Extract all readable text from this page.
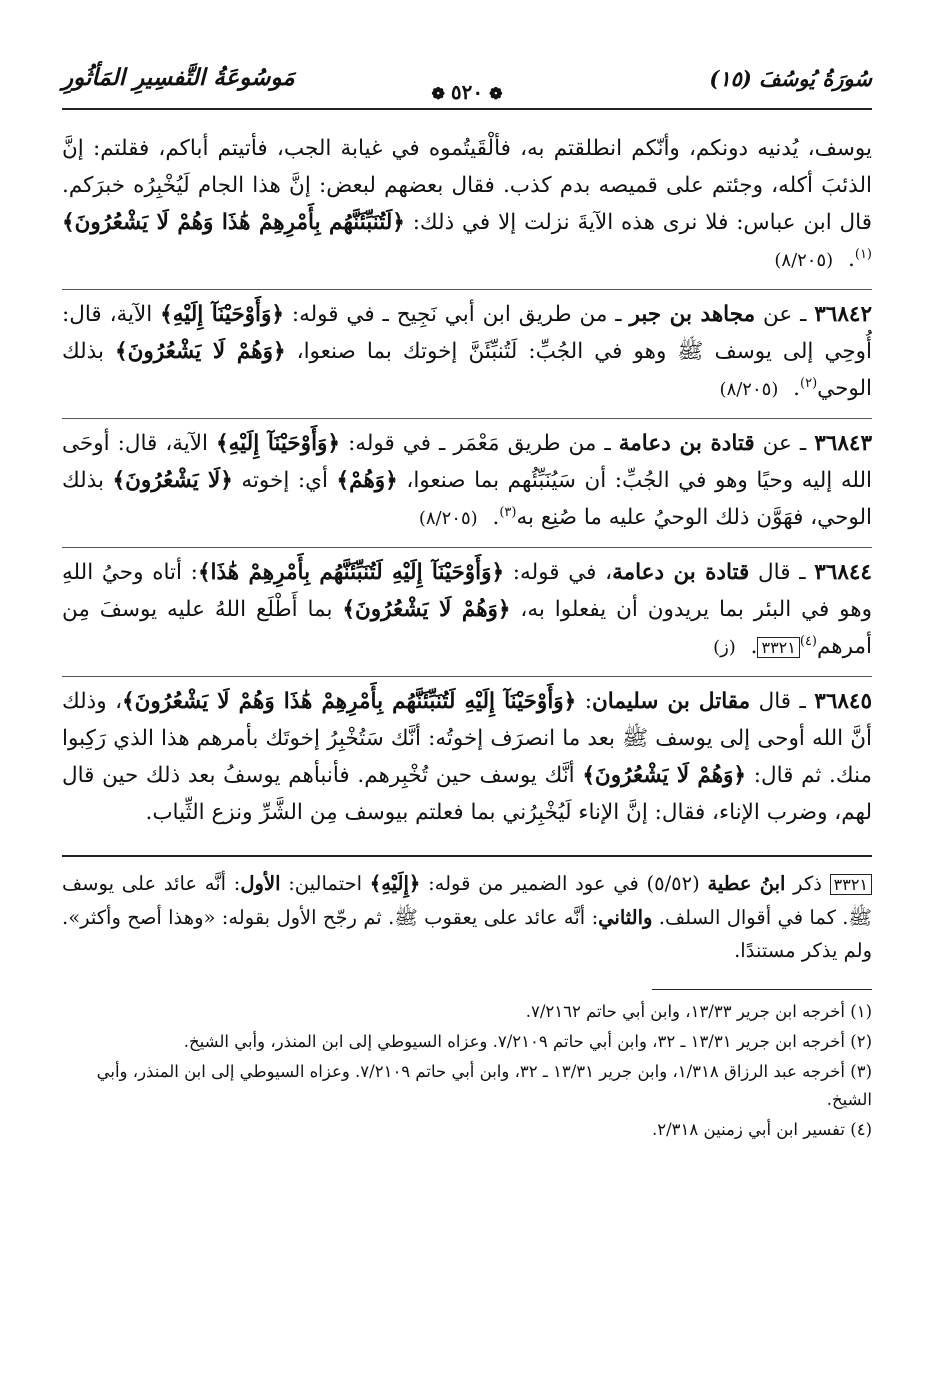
سُورَةُ يُوسُفَ (١٥)
❁٥٢٠❁
مَوسُوعَةُ التَّفسِيرِ المَأثُورِ
يوسف، يُدنيه دونكم، وأنّكم انطلقتم به، فألْقَيتُموه في غيابة الجب، فأتيتم أباكم، فقلتم: إنَّ الذئبَ أكله، وجئتم على قميصه بدم كذب. فقال بعضهم لبعض: إنَّ هذا الجام لَيُخْبِرُه خبرَكم. قال ابن عباس: فلا نرى هذه الآيةَ نزلت إلا في ذلك: ﴿لَتُنَبِّئَنَّهُم بِأَمْرِهِمْ هَٰذَا وَهُمْ لَا يَشْعُرُونَ﴾$^{(١)}$. (٨/٢٠٥)
٣٦٨٤٢ ـ عن مجاهد بن جبر ـ من طريق ابن أبي نَجِيح ـ في قوله: ﴿وَأَوْحَيْنَآ إِلَيْهِ﴾ الآية، قال: أُوحِي إلى يوسف ﷺ وهو في الجُبِّ: لَتُنبِّئَنَّ إخوتك بما صنعوا، ﴿وَهُمْ لَا يَشْعُرُونَ﴾ بذلك الوحي$^{(٢)}$. (٨/٢٠٥)
٣٦٨٤٣ ـ عن قتادة بن دعامة ـ من طريق مَعْمَر ـ في قوله: ﴿وَأَوْحَيْنَآ إِلَيْهِ﴾ الآية، قال: أوحَى الله إليه وحيًا وهو في الجُبِّ: أن سَيُنَبِّئُهم بما صنعوا، ﴿وَهُمْ﴾ أي: إخوته ﴿لَا يَشْعُرُونَ﴾ بذلك الوحي، فهَوَّن ذلك الوحيُ عليه ما صُنِع به$^{(٣)}$. (٨/٢٠٥)
٣٦٨٤٤ ـ قال قتادة بن دعامة، في قوله: ﴿وَأَوْحَيْنَآ إِلَيْهِ لَتُنَبِّئَنَّهُم بِأَمْرِهِمْ هَٰذَا﴾: أتاه وحيُ اللهِ وهو في البئر بما يريدون أن يفعلوا به، ﴿وَهُمْ لَا يَشْعُرُونَ﴾ بما أَطْلَع اللهُ عليه يوسفَ مِن أمرهم$^{(٤)}$٣٣٢١. (ز)
٣٦٨٤٥ ـ قال مقاتل بن سليمان: ﴿وَأَوْحَيْنَآ إِلَيْهِ لَتُنَبِّئَنَّهُم بِأَمْرِهِمْ هَٰذَا وَهُمْ لَا يَشْعُرُونَ﴾، وذلك أنَّ الله أوحى إلى يوسف ﷺ بعد ما انصرَف إخوتُه: أنَّك سَتُخْبِرُ إخوتَك بأمرهم هذا الذي رَكِبوا منك. ثم قال: ﴿وَهُمْ لَا يَشْعُرُونَ﴾ أنَّك يوسف حين تُخْبِرهم. فأنبأهم يوسفُ بعد ذلك حين قال لهم، وضرب الإناء، فقال: إنَّ الإناء لَيُخْبِرُني بما فعلتم بيوسف مِن الشَّرِّ ونزع الثِّياب.
٣٣٢١ ذكر ابنُ عطية (٥/٥٢) في عود الضمير من قوله: ﴿إِلَيْهِ﴾ احتمالين: الأول: أنَّه عائد على يوسف ﷺ. كما في أقوال السلف. والثاني: أنَّه عائد على يعقوب ﷺ. ثم رجّح الأول بقوله: «وهذا أصح وأكثر». ولم يذكر مستندًا.
(١) أخرجه ابن جرير ١٣/٣٣، وابن أبي حاتم ٧/٢١٦٢.
(٢) أخرجه ابن جرير ١٣/٣١ ـ ٣٢، وابن أبي حاتم ٧/٢١٠٩. وعزاه السيوطي إلى ابن المنذر، وأبي الشيخ.
(٣) أخرجه عبد الرزاق ١/٣١٨، وابن جرير ١٣/٣١ ـ ٣٢، وابن أبي حاتم ٧/٢١٠٩. وعزاه السيوطي إلى ابن المنذر، وأبي الشيخ.
(٤) تفسير ابن أبي زمنين ٢/٣١٨.
